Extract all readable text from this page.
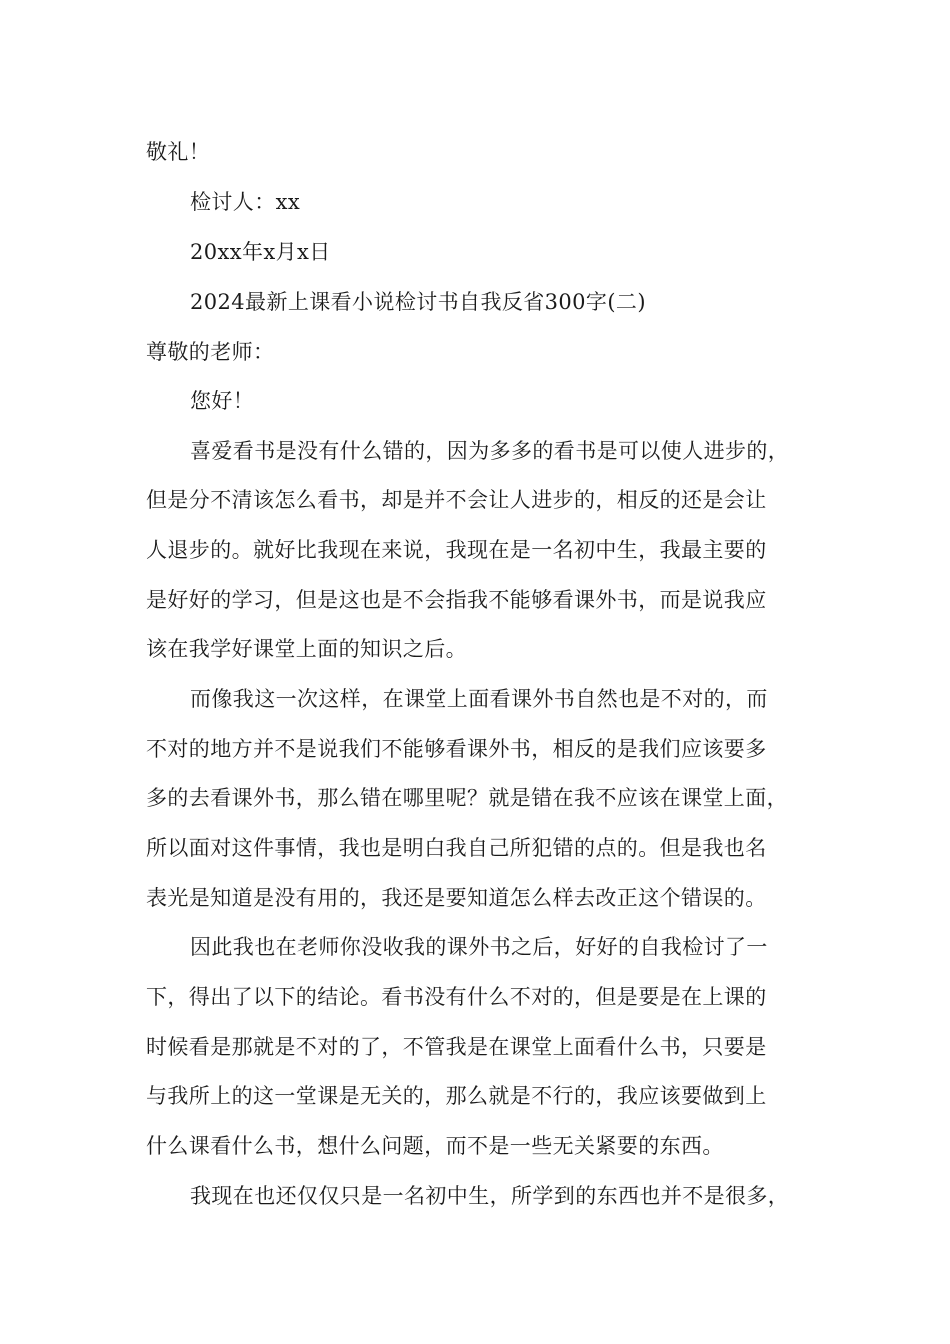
敬礼！
检讨人：xx
20xx年x月x日
2024最新上课看小说检讨书自我反省300字(二)
尊敬的老师：
您好！
喜爱看书是没有什么错的，因为多多的看书是可以使人进步的，
但是分不清该怎么看书，却是并不会让人进步的，相反的还是会让
人退步的。就好比我现在来说，我现在是一名初中生，我最主要的
是好好的学习，但是这也是不会指我不能够看课外书，而是说我应
该在我学好课堂上面的知识之后。
而像我这一次这样，在课堂上面看课外书自然也是不对的，而
不对的地方并不是说我们不能够看课外书，相反的是我们应该要多
多的去看课外书，那么错在哪里呢？就是错在我不应该在课堂上面，
所以面对这件事情，我也是明白我自己所犯错的点的。但是我也名
表光是知道是没有用的，我还是要知道怎么样去改正这个错误的。
因此我也在老师你没收我的课外书之后，好好的自我检讨了一
下，得出了以下的结论。看书没有什么不对的，但是要是在上课的
时候看是那就是不对的了，不管我是在课堂上面看什么书，只要是
与我所上的这一堂课是无关的，那么就是不行的，我应该要做到上
什么课看什么书，想什么问题，而不是一些无关紧要的东西。
我现在也还仅仅只是一名初中生，所学到的东西也并不是很多，
